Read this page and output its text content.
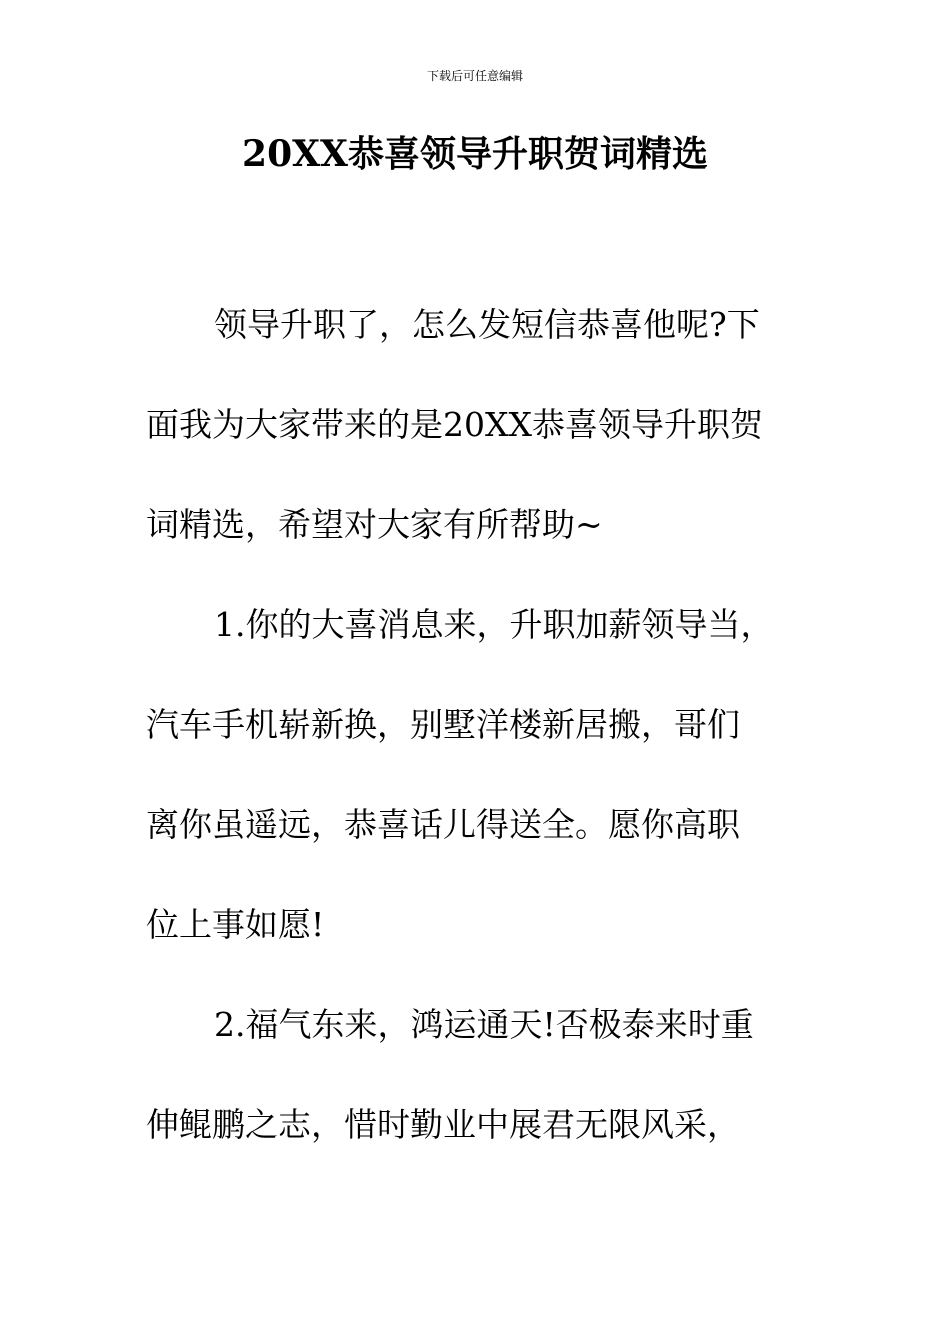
下载后可任意编辑
20XX恭喜领导升职贺词精选
领导升职了，怎么发短信恭喜他呢?下
面我为大家带来的是20XX恭喜领导升职贺
词精选，希望对大家有所帮助~
1.你的大喜消息来，升职加薪领导当，
汽车手机崭新换，别墅洋楼新居搬，哥们
离你虽遥远，恭喜话儿得送全。愿你高职
位上事如愿!
2.福气东来，鸿运通天!否极泰来时重
伸鲲鹏之志，惜时勤业中展君无限风采，
